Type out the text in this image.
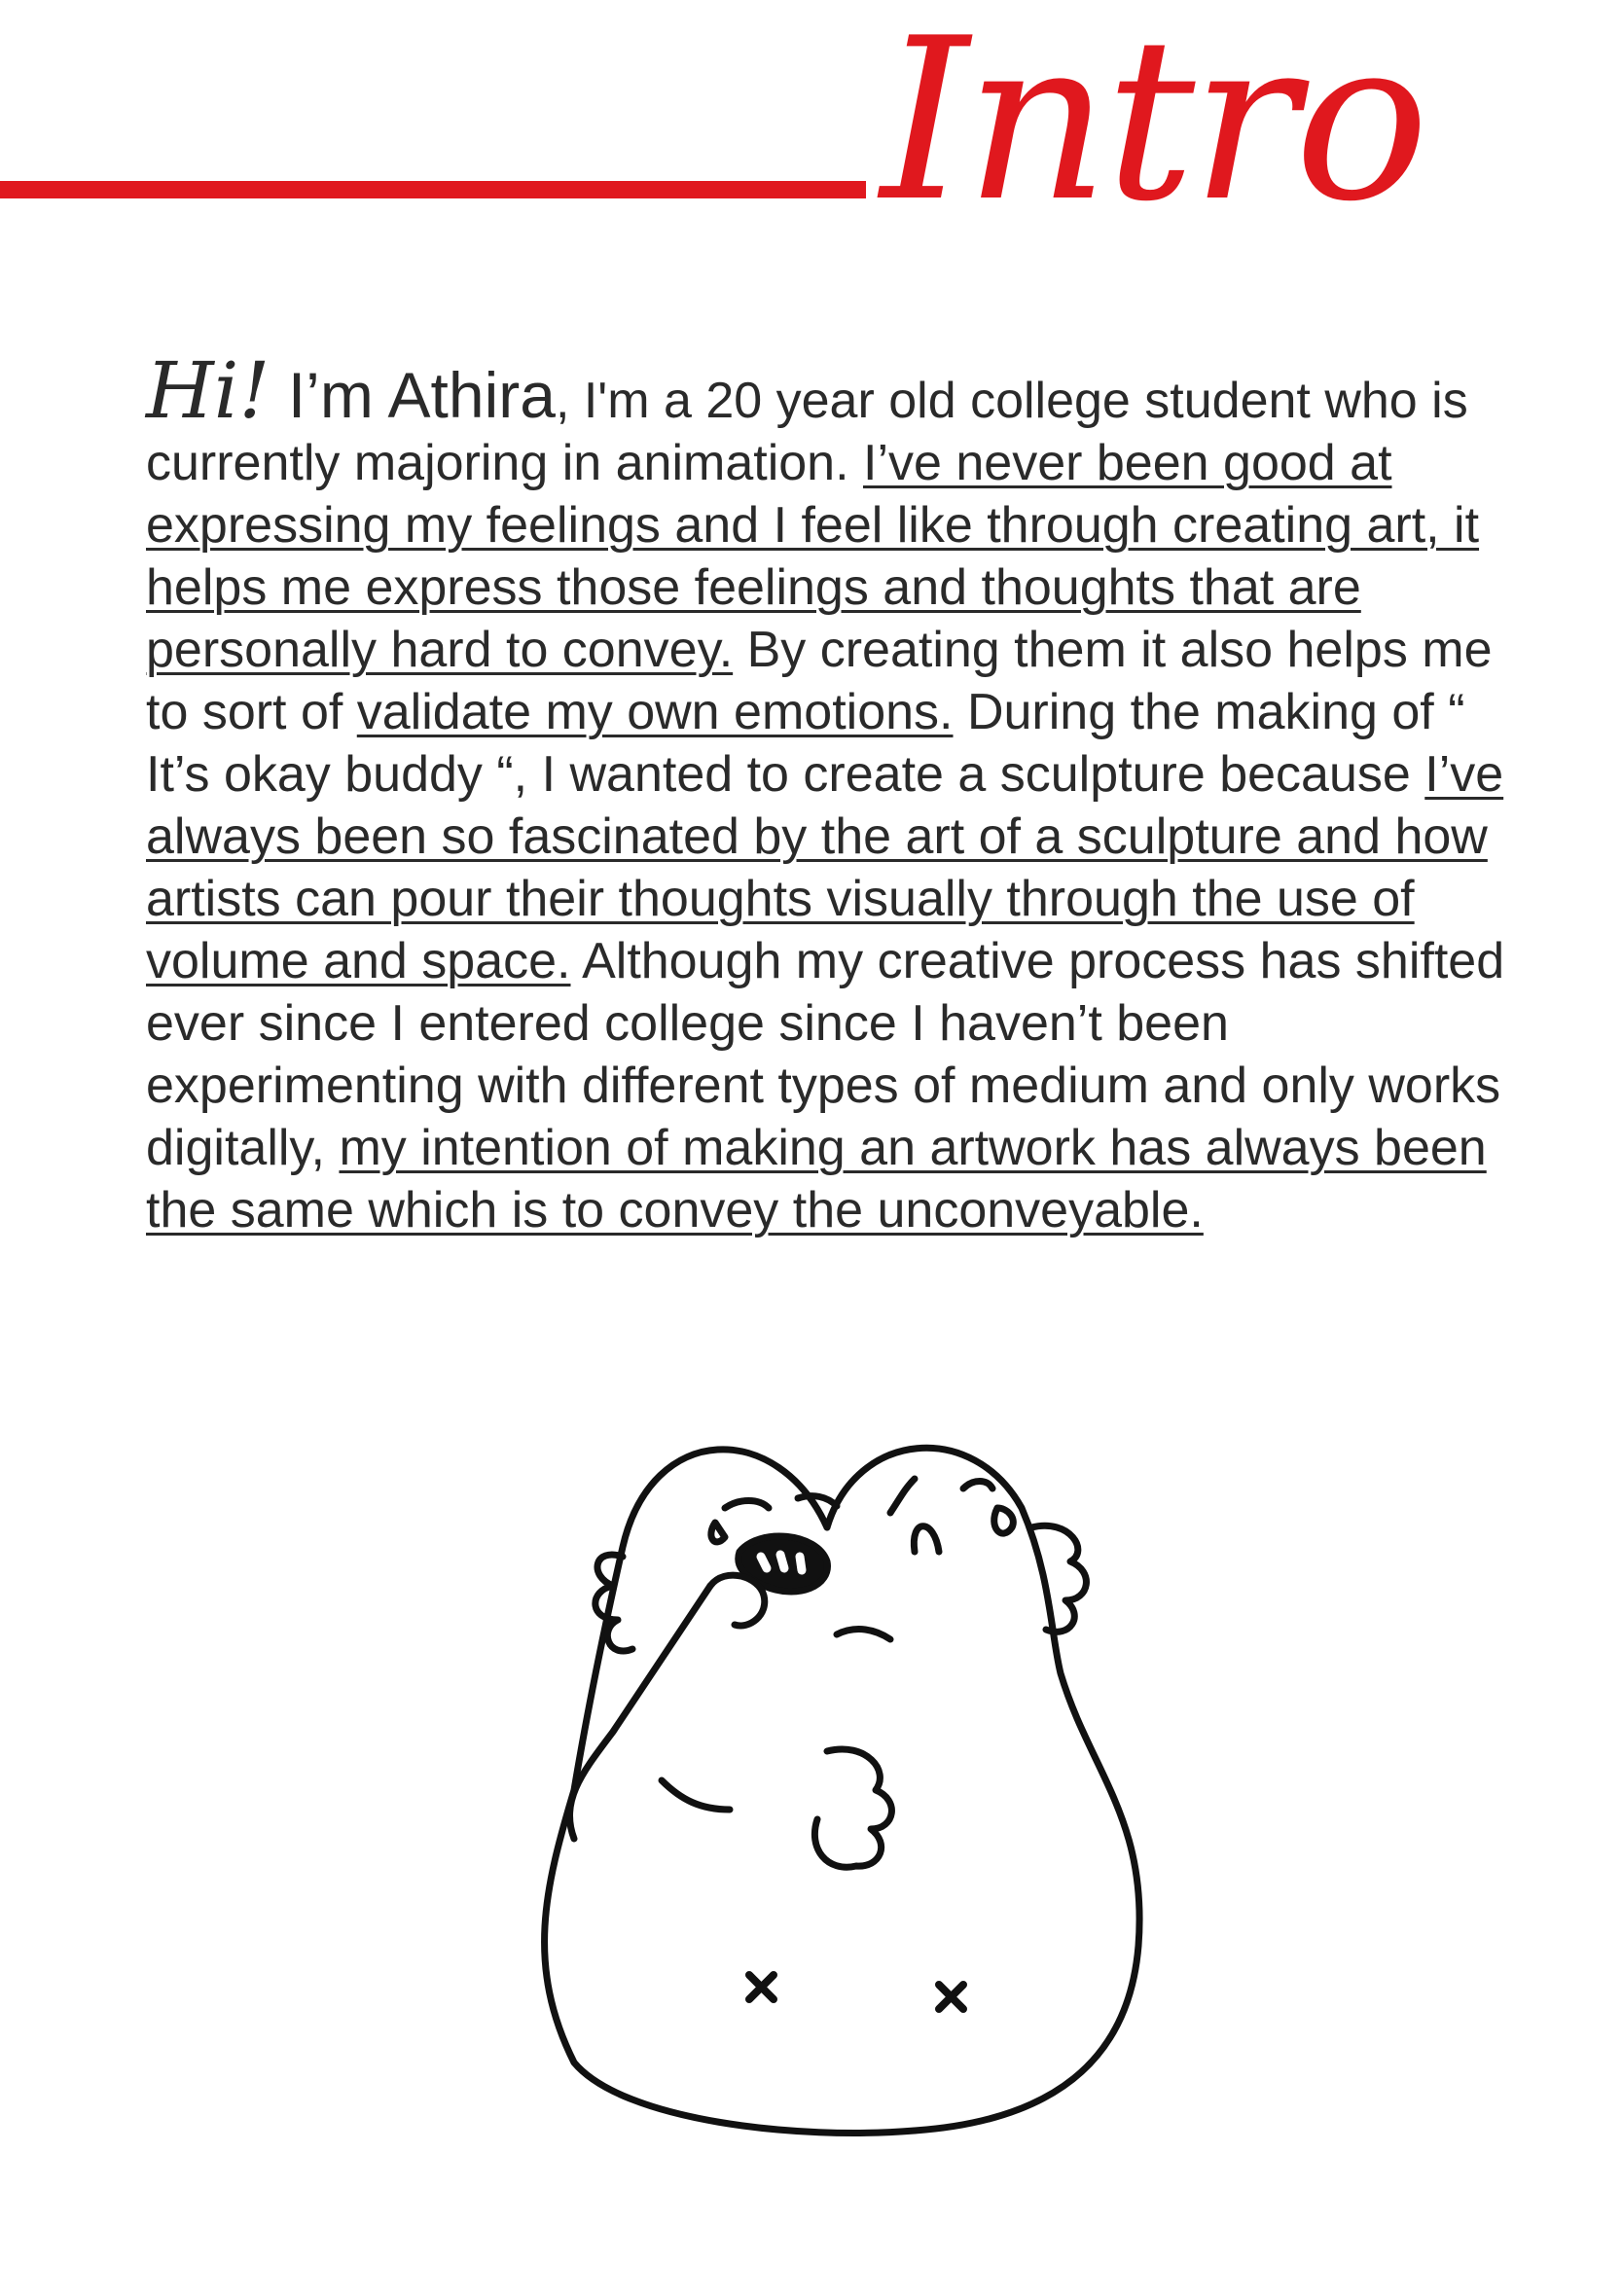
Intro
Hi! I’m Athira, I'm a 20 year old college student who is currently majoring in animation. I’ve never been good at expressing my feelings and I feel like through creating art, it helps me express those feelings and thoughts that are personally hard to convey. By creating them it also helps me to sort of validate my own emotions. During the making of “ It’s okay buddy “, I wanted to create a sculpture because I’ve always been so fascinated by the art of a sculpture and how artists can pour their thoughts visually through the use of volume and space. Although my creative process has shifted ever since I entered college since I haven’t been experimenting with different types of medium and only works digitally, my intention of making an artwork has always been the same which is to convey the unconveyable.
